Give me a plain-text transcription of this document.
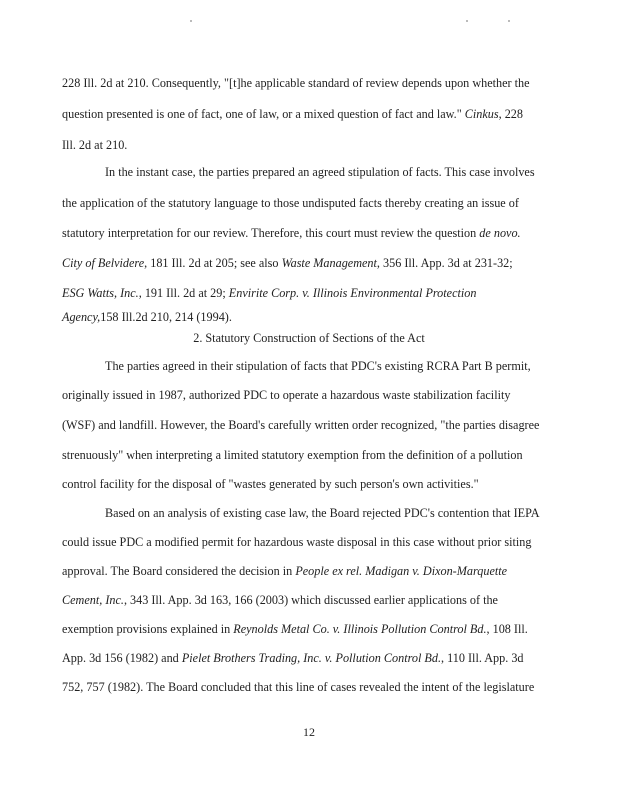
228 Ill. 2d at 210. Consequently, "[t]he applicable standard of review depends upon whether the
question presented is one of fact, one of law, or a mixed question of fact and law." Cinkus, 228
Ill. 2d at 210.
In the instant case, the parties prepared an agreed stipulation of facts. This case involves
the application of the statutory language to those undisputed facts thereby creating an issue of
statutory interpretation for our review. Therefore, this court must review the question de novo.
City of Belvidere, 181 Ill. 2d at 205; see also Waste Management, 356 Ill. App. 3d at 231-32;
ESG Watts, Inc., 191 Ill. 2d at 29; Envirite Corp. v. Illinois Environmental Protection
Agency,158 Ill.2d 210, 214 (1994).
2. Statutory Construction of Sections of the Act
The parties agreed in their stipulation of facts that PDC's existing RCRA Part B permit,
originally issued in 1987, authorized PDC to operate a hazardous waste stabilization facility
(WSF) and landfill. However, the Board's carefully written order recognized, "the parties disagree
strenuously" when interpreting a limited statutory exemption from the definition of a pollution
control facility for the disposal of "wastes generated by such person's own activities."
Based on an analysis of existing case law, the Board rejected PDC's contention that IEPA
could issue PDC a modified permit for hazardous waste disposal in this case without prior siting
approval. The Board considered the decision in People ex rel. Madigan v. Dixon-Marquette
Cement, Inc., 343 Ill. App. 3d 163, 166 (2003) which discussed earlier applications of the
exemption provisions explained in Reynolds Metal Co. v. Illinois Pollution Control Bd., 108 Ill.
App. 3d 156 (1982) and Pielet Brothers Trading, Inc. v. Pollution Control Bd., 110 Ill. App. 3d
752, 757 (1982). The Board concluded that this line of cases revealed the intent of the legislature
12
